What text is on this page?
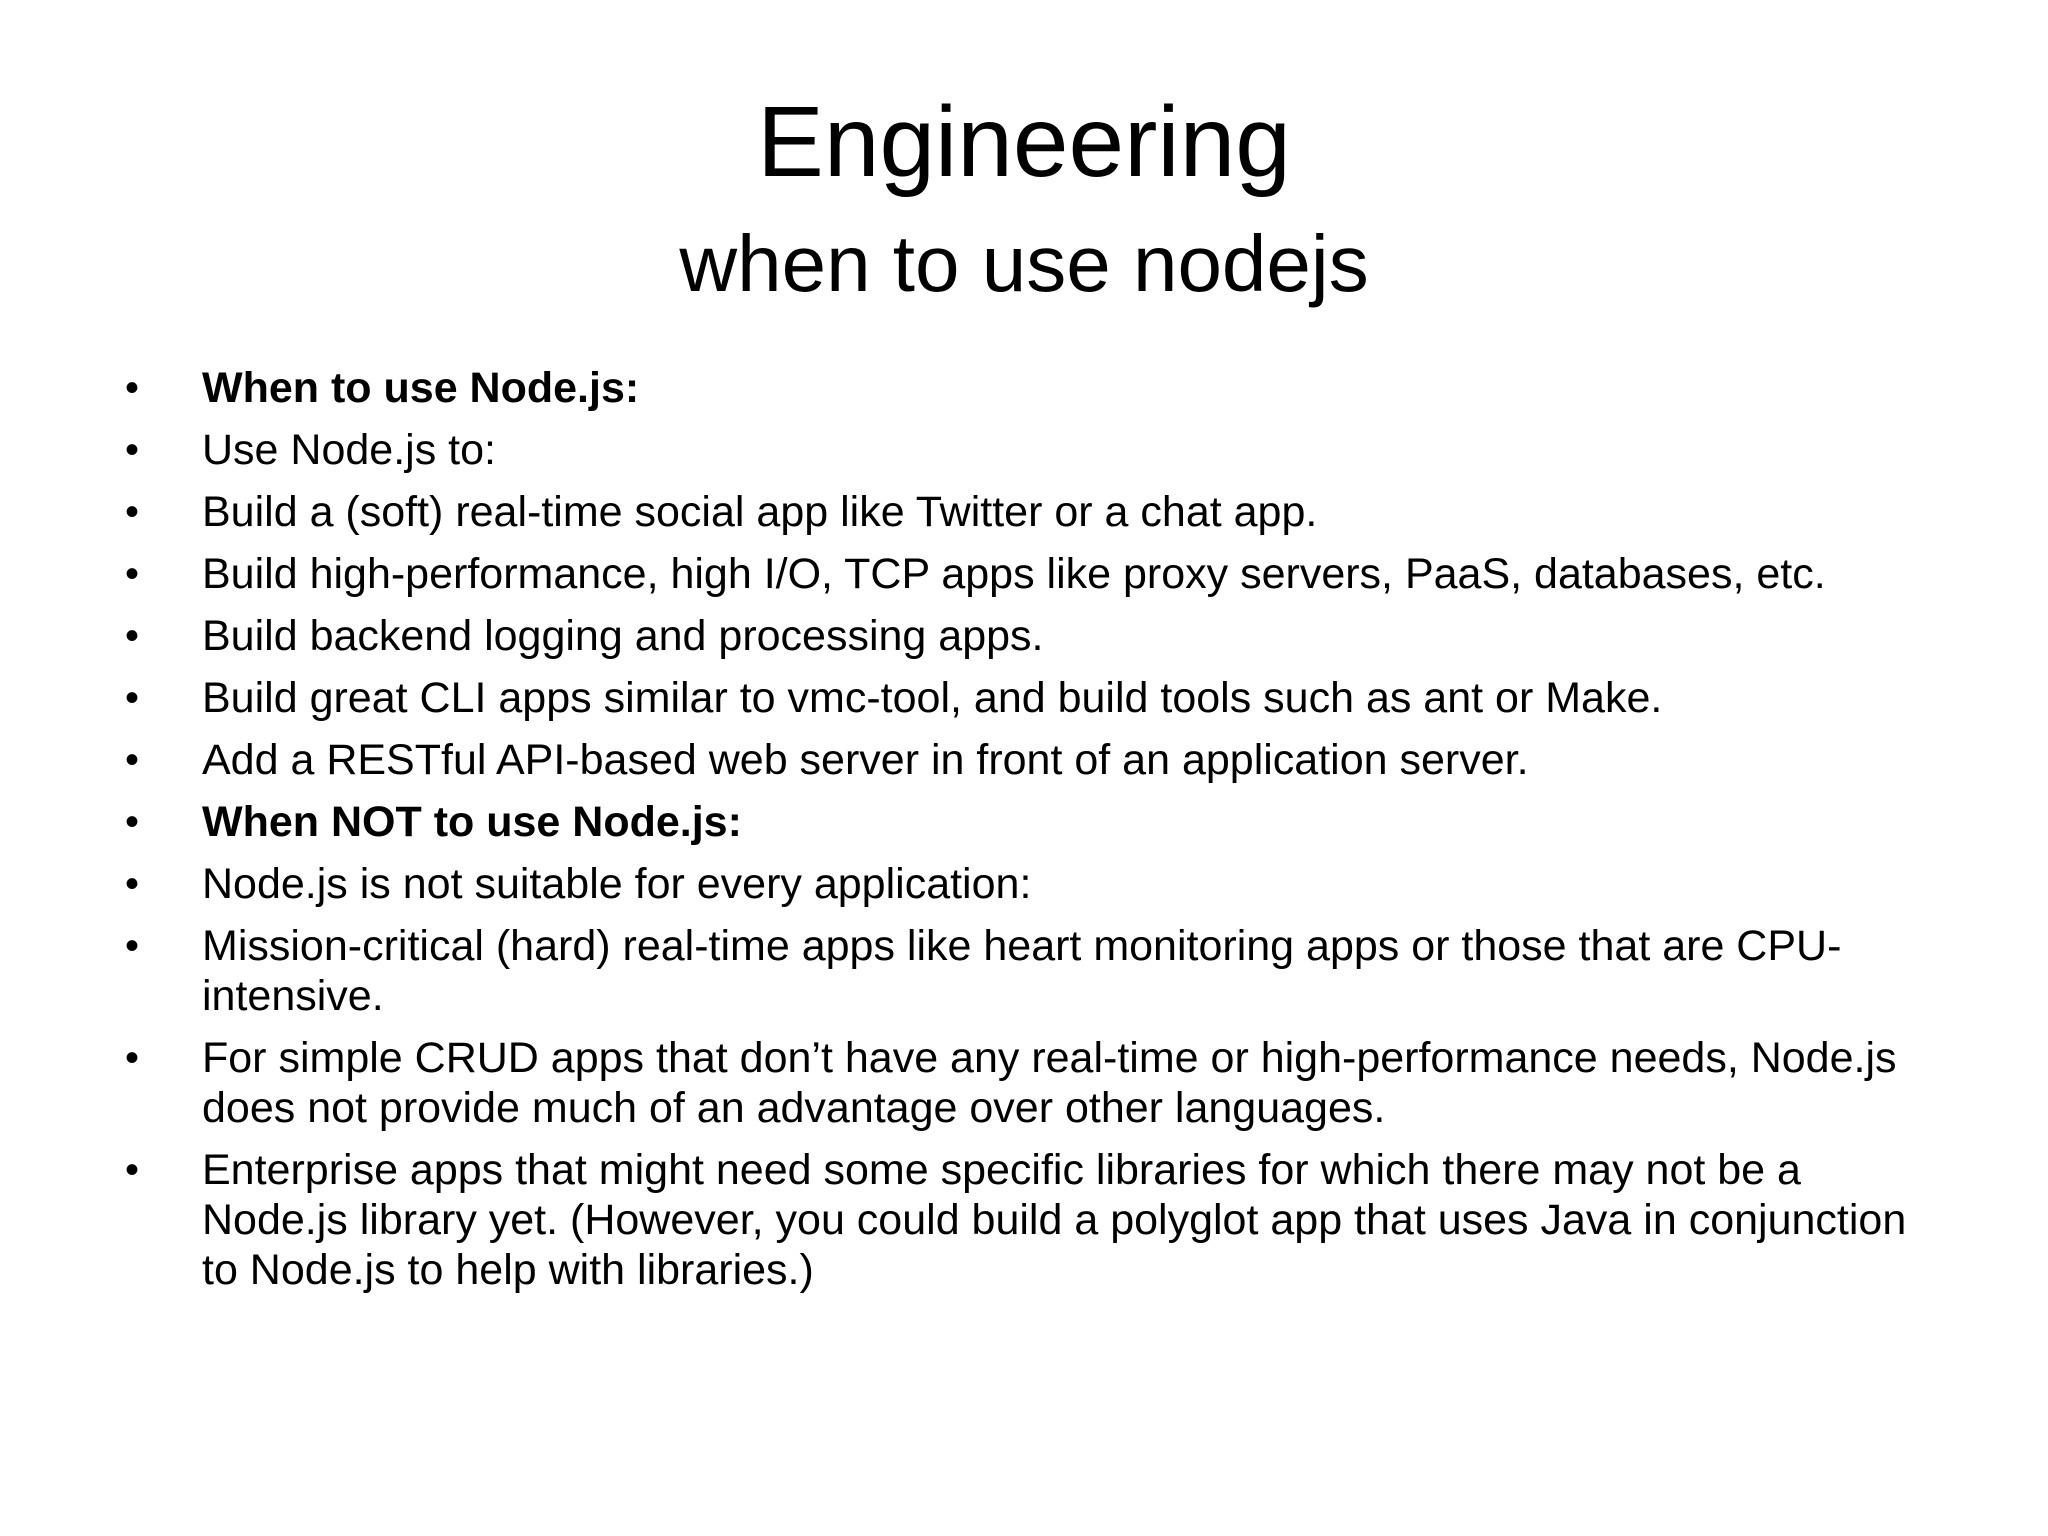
Engineering
when to use nodejs
• When to use Node.js:
• Use Node.js to:
• Build a (soft) real-time social app like Twitter or a chat app.
• Build high-performance, high I/O, TCP apps like proxy servers, PaaS, databases, etc.
• Build backend logging and processing apps.
• Build great CLI apps similar to vmc-tool, and build tools such as ant or Make.
• Add a RESTful API-based web server in front of an application server.
• When NOT to use Node.js:
• Node.js is not suitable for every application:
• Mission-critical (hard) real-time apps like heart monitoring apps or those that are CPU-intensive.
• For simple CRUD apps that don’t have any real-time or high-performance needs, Node.js does not provide much of an advantage over other languages.
• Enterprise apps that might need some specific libraries for which there may not be a Node.js library yet. (However, you could build a polyglot app that uses Java in conjunction to Node.js to help with libraries.)
